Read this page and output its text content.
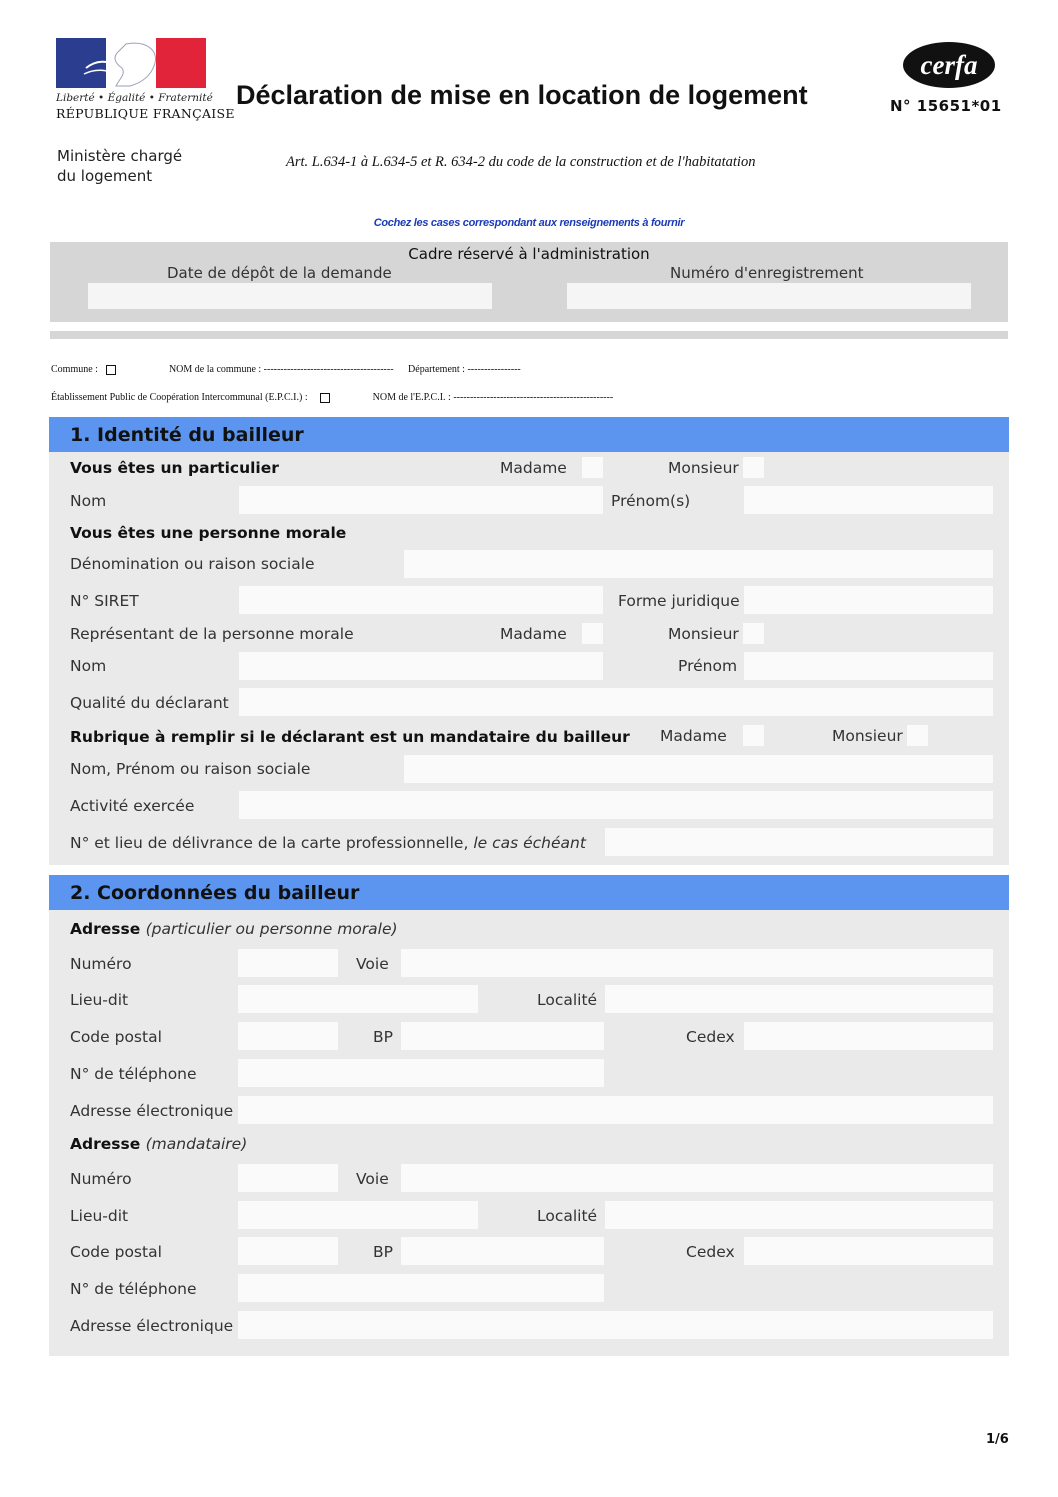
Liberté • Égalité • Fraternité
RÉPUBLIQUE FRANÇAISE
Déclaration de mise en location de logement
Ministère chargé
du logement
Art. L.634-1 à L.634-5 et R. 634-2 du code de la construction et de l'habitatation
cerfa
N° 15651*01
Cochez les cases correspondant aux renseignements à fournir
Cadre réservé à l'administration
Date de dépôt de la demande	Numéro d'enregistrement
Commune :	NOM de la commune : --------------------------------------- Département : ----------------
Établissement Public de Coopération Intercommunal (E.P.C.I.) :	NOM de l'E.P.C.I. : ------------------------------------------------
1. Identité du bailleur
Vous êtes un particulier	Madame	Monsieur
Nom	Prénom(s)
Vous êtes une personne morale
Dénomination ou raison sociale
N° SIRET	Forme juridique
Représentant de la personne morale	Madame	Monsieur
Nom	Prénom
Qualité du déclarant
Rubrique à remplir si le déclarant est un mandataire du bailleur Madame	Monsieur
Nom, Prénom ou raison sociale
Activité exercée
N° et lieu de délivrance de la carte professionnelle, le cas échéant
2. Coordonnées du bailleur
Adresse (particulier ou personne morale)
Numéro	Voie
Lieu-dit	Localité
Code postal	BP	Cedex
N° de téléphone
Adresse électronique
Adresse (mandataire)
Numéro	Voie
Lieu-dit	Localité
Code postal	BP	Cedex
N° de téléphone
Adresse électronique
1/6
